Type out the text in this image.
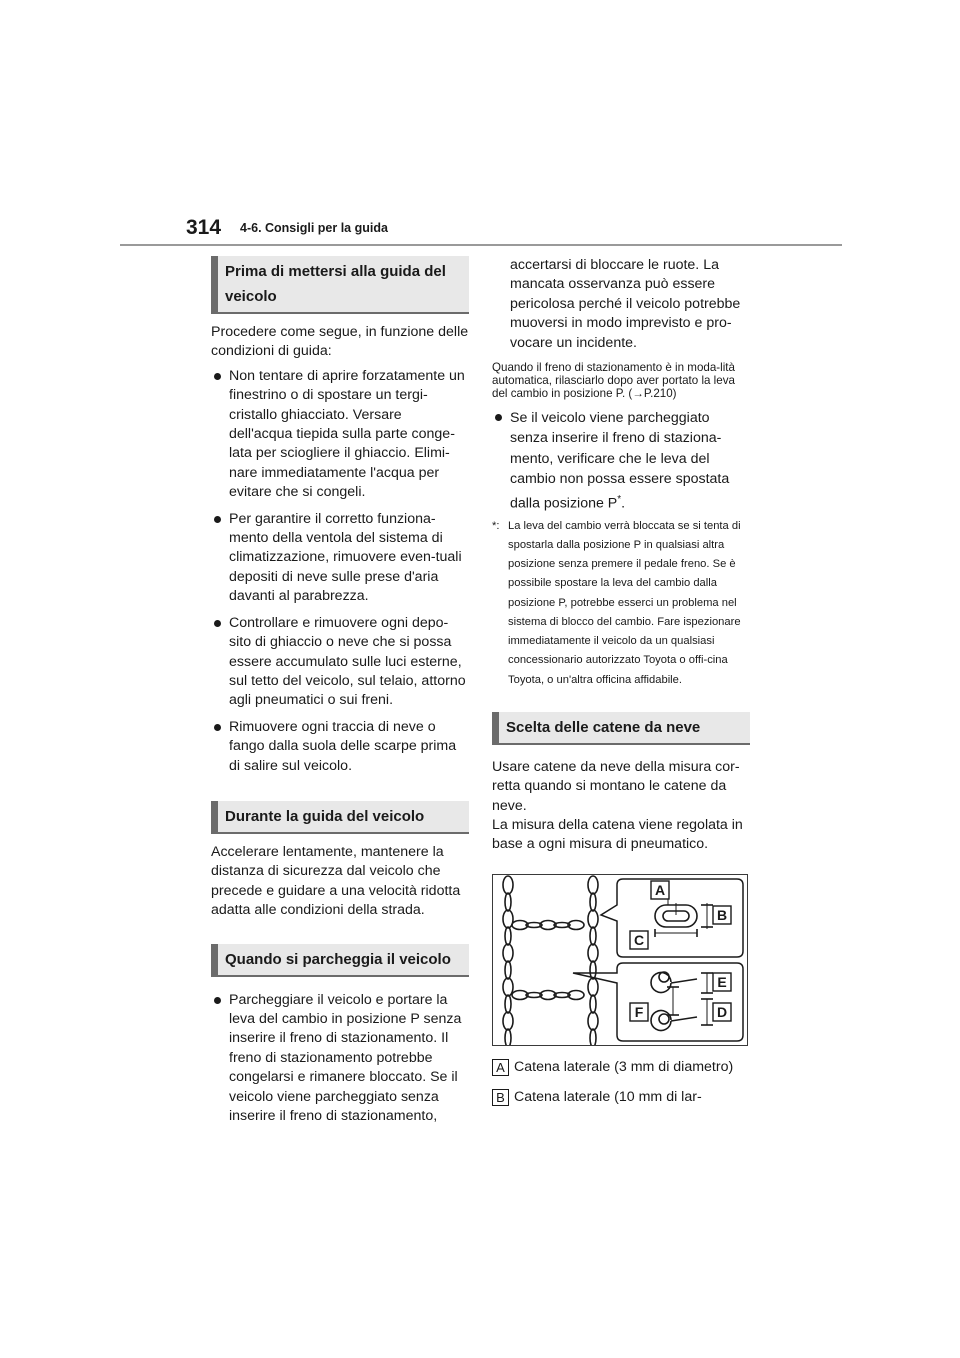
314 4-6. Consigli per la guida
Prima di mettersi alla guida del veicolo

Procedere come segue, in funzione delle condizioni di guida:

Non tentare di aprire forzatamente un finestrino o di spostare un tergi-cristallo ghiacciato. Versare dell'acqua tiepida sulla parte conge-lata per sciogliere il ghiaccio. Elimi-nare immediatamente l'acqua per evitare che si congeli.

Per garantire il corretto funziona-mento della ventola del sistema di climatizzazione, rimuovere even-tuali depositi di neve sulle prese d'aria davanti al parabrezza.

Controllare e rimuovere ogni depo-sito di ghiaccio o neve che si possa essere accumulato sulle luci esterne, sul tetto del veicolo, sul telaio, attorno agli pneumatici o sui freni.

Rimuovere ogni traccia di neve o fango dalla suola delle scarpe prima di salire sul veicolo.

Durante la guida del veicolo

Accelerare lentamente, mantenere la distanza di sicurezza dal veicolo che precede e guidare a una velocità ridotta adatta alle condizioni della strada.

Quando si parcheggia il veicolo

Parcheggiare il veicolo e portare la leva del cambio in posizione P senza inserire il freno di stazionamento. Il freno di stazionamento potrebbe congelarsi e rimanere bloccato. Se il veicolo viene parcheggiato senza inserire il freno di stazionamento,

accertarsi di bloccare le ruote. La mancata osservanza può essere pericolosa perché il veicolo potrebbe muoversi in modo imprevisto e pro-vocare un incidente.

Quando il freno di stazionamento è in moda-lità automatica, rilasciarlo dopo aver portato la leva del cambio in posizione P. (→P.210)

Se il veicolo viene parcheggiato senza inserire il freno di staziona-mento, verificare che le leva del cambio non possa essere spostata dalla posizione P*.

*: La leva del cambio verrà bloccata se si tenta di spostarla dalla posizione P in qualsiasi altra posizione senza premere il pedale freno. Se è possibile spostare la leva del cambio dalla posizione P, potrebbe esserci un problema nel sistema di blocco del cambio. Fare ispezionare immediatamente il veicolo da un qualsiasi concessionario autorizzato Toyota o offi-cina Toyota, o un'altra officina affidabile.
Scelta delle catene da neve

Usare catene da neve della misura cor-retta quando si montano le catene da neve.

La misura della catena viene regolata in base a ogni misura di pneumatico.

A
B
C
D
E
F

A Catena laterale (3 mm di diametro)

B Catena laterale (10 mm di lar-
